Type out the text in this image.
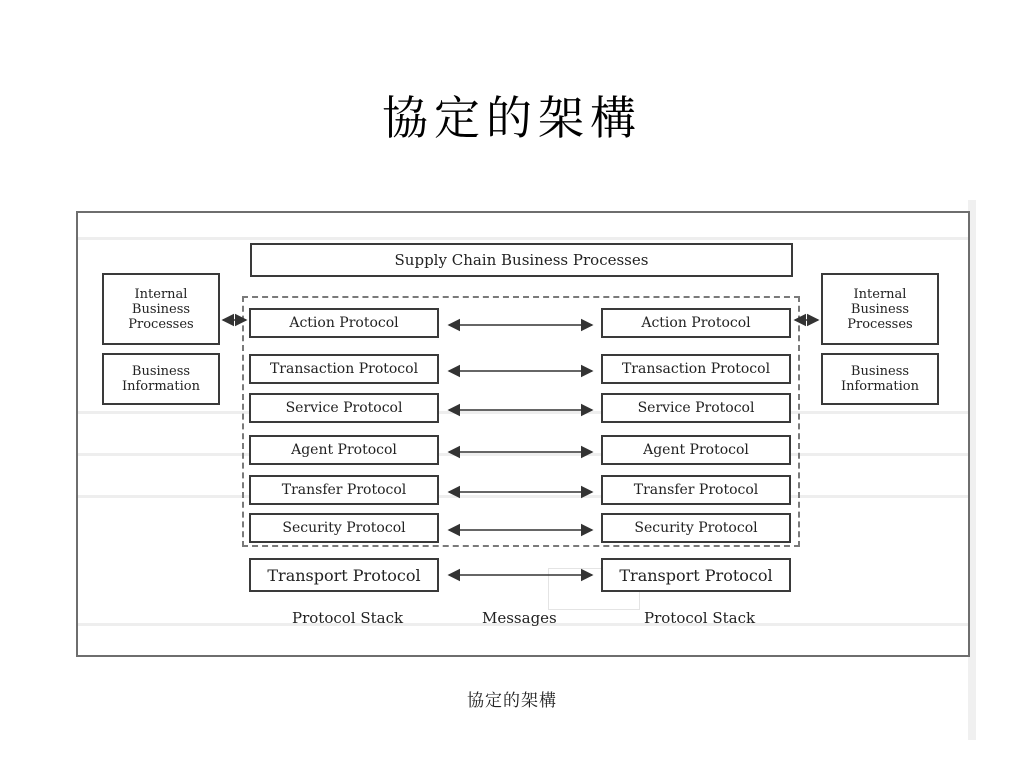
協定的架構
Supply Chain Business Processes
Internal
Business
Processes
Business
Information
Internal
Business
Processes
Business
Information
Action Protocol
Transaction Protocol
Service Protocol
Agent Protocol
Transfer Protocol
Security Protocol
Transport Protocol
Action Protocol
Transaction Protocol
Service Protocol
Agent Protocol
Transfer Protocol
Security Protocol
Transport Protocol
Protocol Stack	Messages	Protocol Stack
協定的架構
